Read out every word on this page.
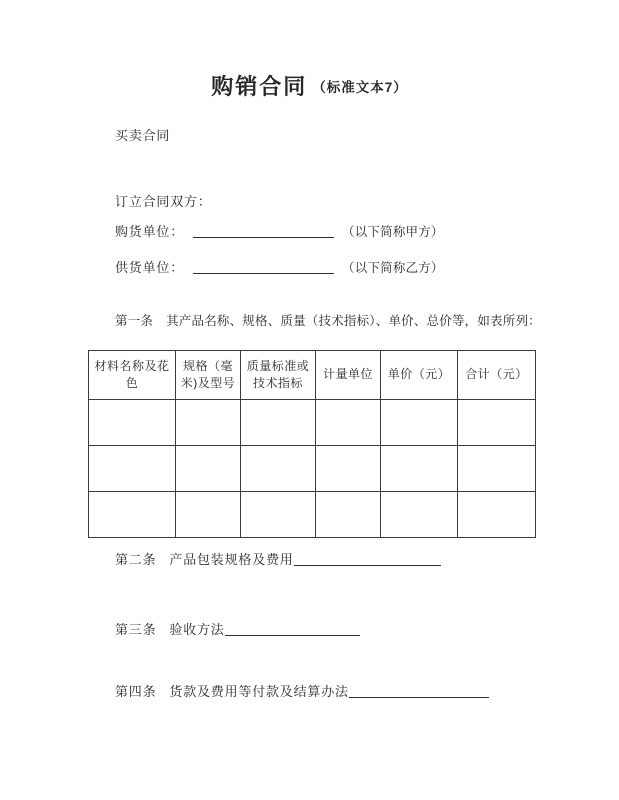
购销合同 （标准文本7）
买卖合同
订立合同双方：
购货单位：	（以下简称甲方）
供货单位：	（以下简称乙方）
第一条 其产品名称、规格、质量（技术指标）、单价、总价等，如表所列：
材料名称及花色	规格（毫米)及型号	质量标准或技术指标	计量单位	单价（元）	合计（元）

第二条 产品包装规格及费用
第三条 验收方法
第四条 货款及费用等付款及结算办法
